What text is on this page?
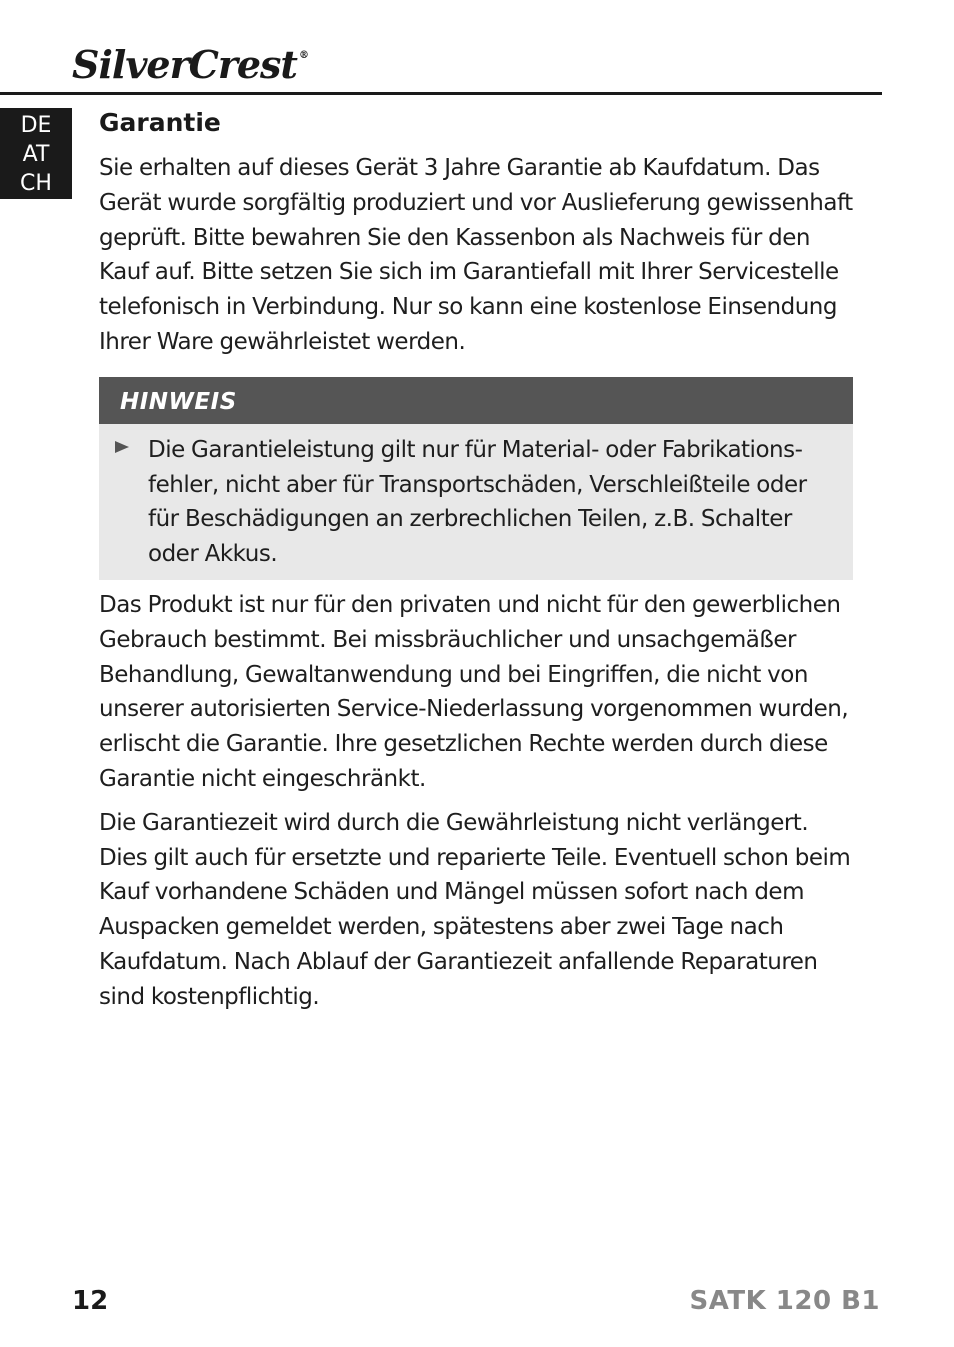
SilverCrest ®
DE
AT
CH
Garantie

Sie erhalten auf dieses Gerät 3 Jahre Garantie ab Kaufdatum. Das Gerät wurde sorgfältig produziert und vor Auslieferung gewissenhaft geprüft. Bitte bewahren Sie den Kassenbon als Nachweis für den Kauf auf. Bitte setzen Sie sich im Garantiefall mit Ihrer Servicestelle telefonisch in Verbindung. Nur so kann eine kostenlose Einsendung Ihrer Ware gewährleistet werden.

HINWEIS

Die Garantieleistung gilt nur für Material- oder Fabrikationsfehler, nicht aber für Transportschäden, Verschleißteile oder für Beschädigungen an zerbrechlichen Teilen, z.B. Schalter oder Akkus.

Das Produkt ist nur für den privaten und nicht für den gewerblichen Gebrauch bestimmt. Bei missbräuchlicher und unsachgemäßer Behandlung, Gewaltanwendung und bei Eingriffen, die nicht von unserer autorisierten Service-Niederlassung vorgenommen wurden, erlischt die Garantie. Ihre gesetzlichen Rechte werden durch diese Garantie nicht eingeschränkt.

Die Garantiezeit wird durch die Gewährleistung nicht verlängert. Dies gilt auch für ersetzte und reparierte Teile. Eventuell schon beim Kauf vorhandene Schäden und Mängel müssen sofort nach dem Auspacken gemeldet werden, spätestens aber zwei Tage nach Kaufdatum. Nach Ablauf der Garantiezeit anfallende Reparaturen sind kostenpflichtig.

12	SATK 120 B1
